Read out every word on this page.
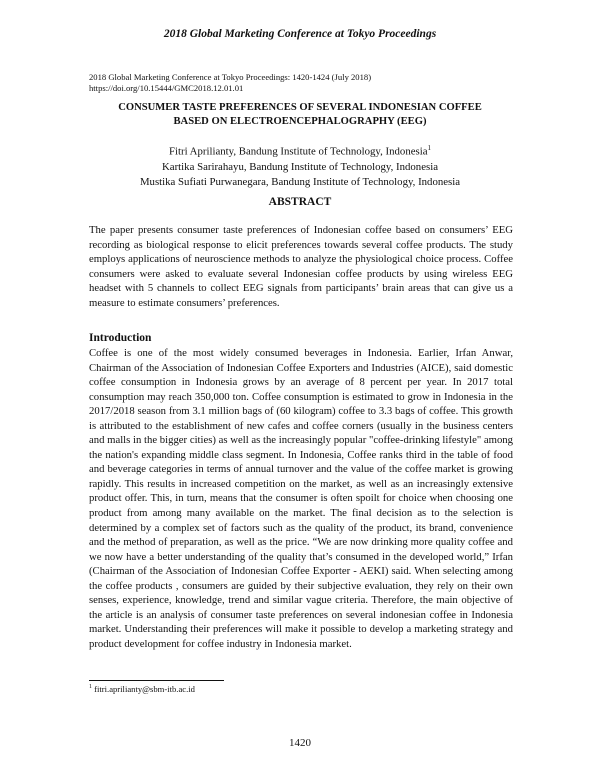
2018 Global Marketing Conference at Tokyo Proceedings
2018 Global Marketing Conference at Tokyo Proceedings: 1420-1424 (July 2018)
https://doi.org/10.15444/GMC2018.12.01.01
CONSUMER TASTE PREFERENCES OF SEVERAL INDONESIAN COFFEE
BASED ON ELECTROENCEPHALOGRAPHY (EEG)
Fitri Aprilianty, Bandung Institute of Technology, Indonesia$^1$
Kartika Sarirahayu, Bandung Institute of Technology, Indonesia
Mustika Sufiati Purwanegara, Bandung Institute of Technology, Indonesia
ABSTRACT
The paper presents consumer taste preferences of Indonesian coffee based on consumers’ EEG recording as biological response to elicit preferences towards several coffee products. The study employs applications of neuroscience methods to analyze the physiological choice process. Coffee consumers were asked to evaluate several Indonesian coffee products by using wireless EEG headset with 5 channels to collect EEG signals from participants’ brain areas that can give us a measure to estimate consumers’ preferences.
Introduction
Coffee is one of the most widely consumed beverages in Indonesia. Earlier, Irfan Anwar, Chairman of the Association of Indonesian Coffee Exporters and Industries (AICE), said domestic coffee consumption in Indonesia grows by an average of 8 percent per year. In 2017 total consumption may reach 350,000 ton. Coffee consumption is estimated to grow in Indonesia in the 2017/2018 season from 3.1 million bags of (60 kilogram) coffee to 3.3 bags of coffee. This growth is attributed to the establishment of new cafes and coffee corners (usually in the business centers and malls in the bigger cities) as well as the increasingly popular "coffee-drinking lifestyle" among the nation's expanding middle class segment. In Indonesia, Coffee ranks third in the table of food and beverage categories in terms of annual turnover and the value of the coffee market is growing rapidly. This results in increased competition on the market, as well as an increasingly extensive product offer. This, in turn, means that the consumer is often spoilt for choice when choosing one product from among many available on the market. The final decision as to the selection is determined by a complex set of factors such as the quality of the product, its brand, convenience and the method of preparation, as well as the price. “We are now drinking more quality coffee and we now have a better understanding of the quality that’s consumed in the developed world,” Irfan (Chairman of the Association of Indonesian Coffee Exporter - AEKI) said. When selecting among the coffee products , consumers are guided by their subjective evaluation, they rely on their own senses, experience, knowledge, trend and similar vague criteria. Therefore, the main objective of the article is an analysis of consumer taste preferences on several indonesian coffee in Indonesia market. Understanding their preferences will make it possible to develop a marketing strategy and product development for coffee industry in Indonesia market.
$^1$ fitri.aprilianty@sbm-itb.ac.id
1420
